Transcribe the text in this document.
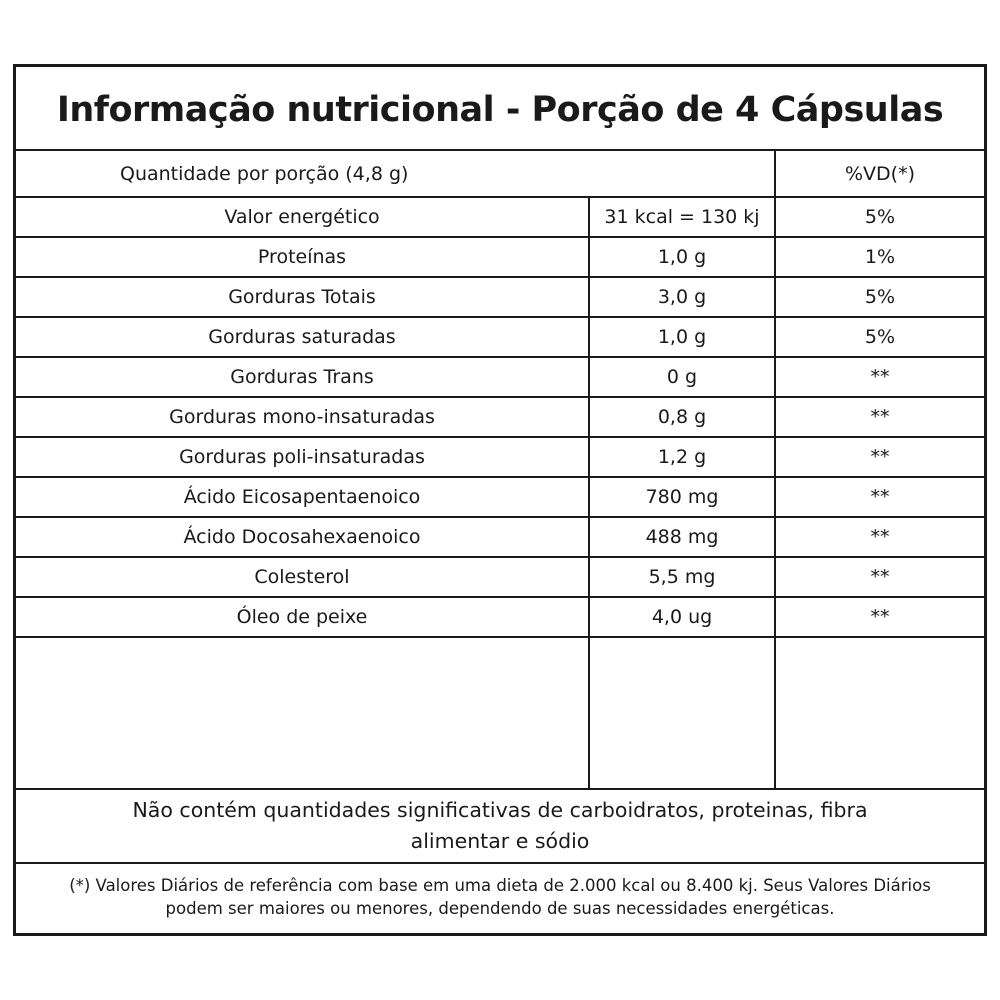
Informação nutricional - Porção de 4 Cápsulas
Quantidade por porção (4,8 g)	%VD(*)
Valor energético	31 kcal = 130 kj	5%
Proteínas	1,0 g	1%
Gorduras Totais	3,0 g	5%
Gorduras saturadas	1,0 g	5%
Gorduras Trans	0 g	**
Gorduras mono-insaturadas	0,8 g	**
Gorduras poli-insaturadas	1,2 g	**
Ácido Eicosapentaenoico	780 mg	**
Ácido Docosahexaenoico	488 mg	**
Colesterol	5,5 mg	**
Óleo de peixe	4,0 ug	**
Não contém quantidades significativas de carboidratos, proteinas, fibra
alimentar e sódio
(*) Valores Diários de referência com base em uma dieta de 2.000 kcal ou 8.400 kj. Seus Valores Diários
podem ser maiores ou menores, dependendo de suas necessidades energéticas.
